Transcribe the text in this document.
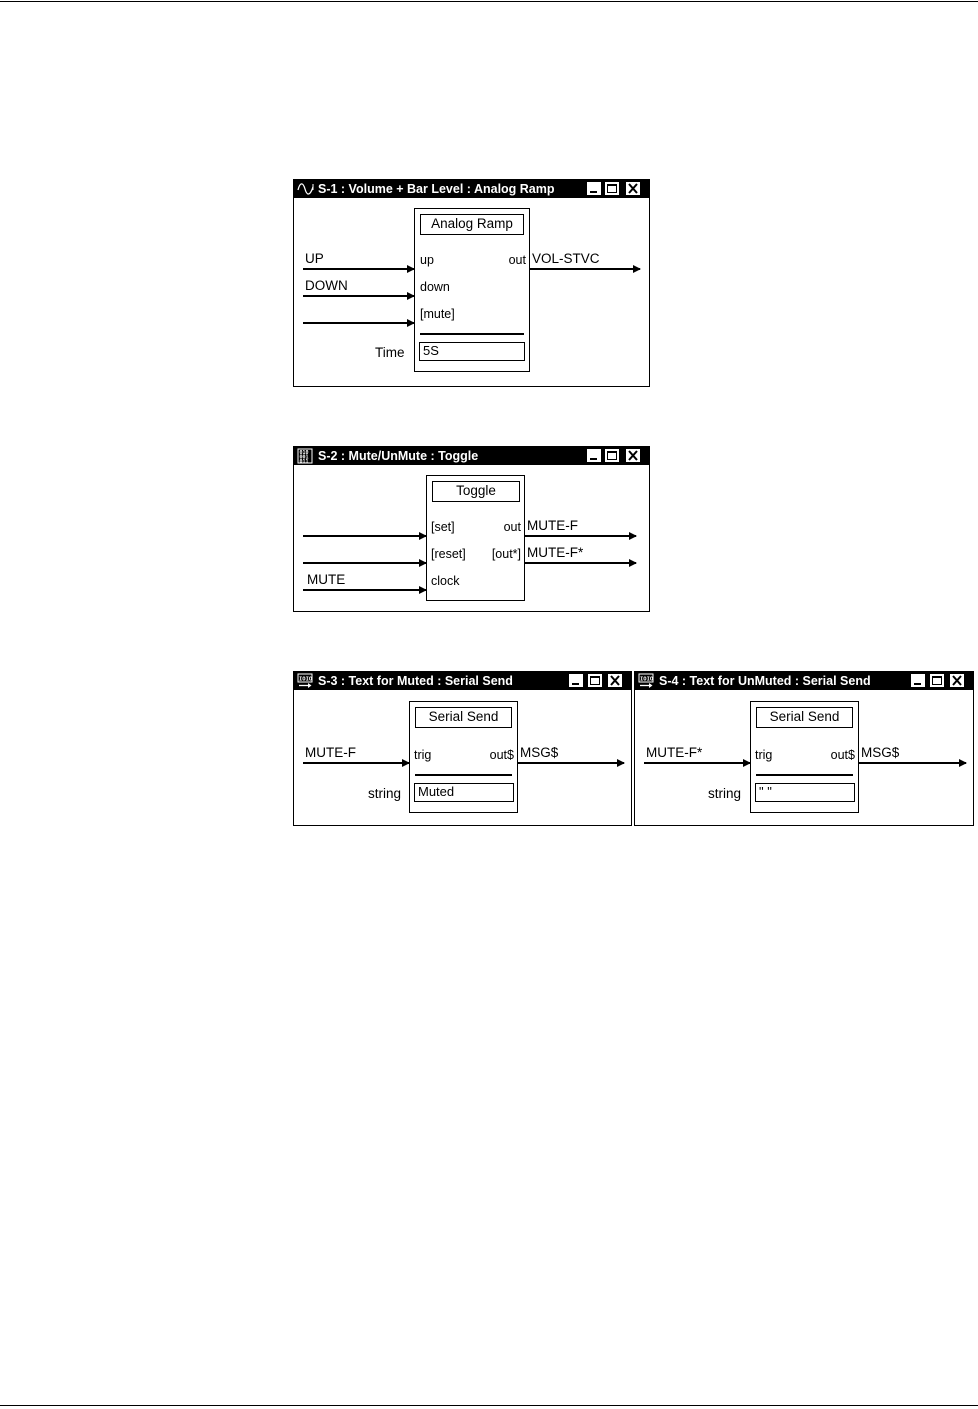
S-1 : Volume + Bar Level : Analog Ramp
UP
DOWN
VOL-STVC
Time
Analog Ramp
up
down
[mute]
out
5S
010
001
011 S-2 : Mute/UnMute : Toggle
MUTE
MUTE-F
MUTE-F*
Toggle
[set]
[reset]
clock
out
[out*]
IOIO S-3 : Text for Muted : Serial Send
MUTE-F	MSG$
string
Serial Send
trig	out$
Muted
IOIO S-4 : Text for UnMuted : Serial Send
MUTE-F*	MSG$
string
Serial Send
trig	out$
" "
